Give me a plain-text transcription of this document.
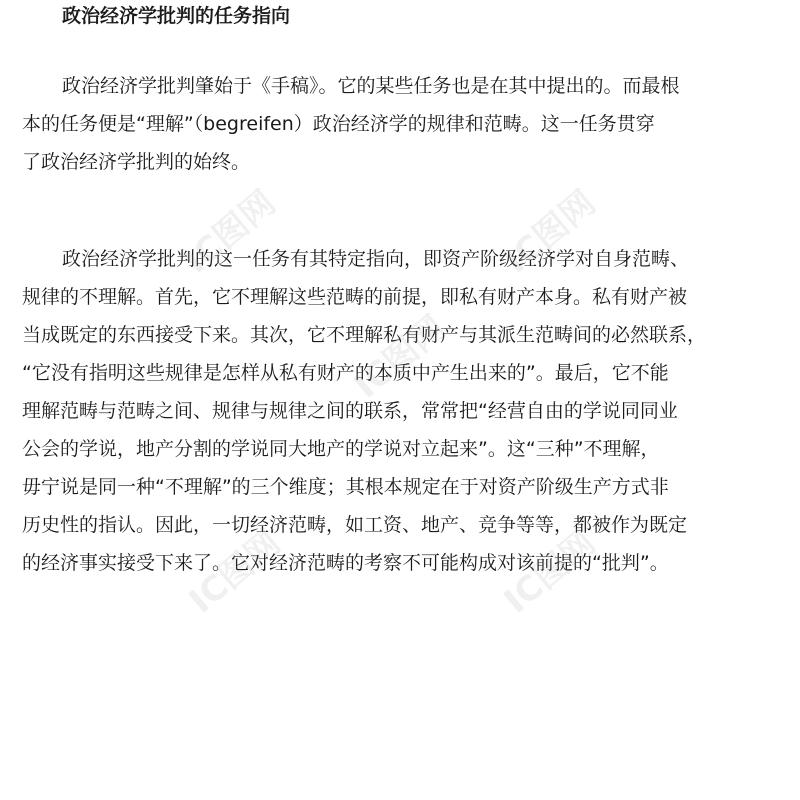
政治经济学批判的任务指向
政治经济学批判肇始于《手稿》。它的某些任务也是在其中提出的。而最根
本的任务便是“理解”（begreifen）政治经济学的规律和范畴。这一任务贯穿
了政治经济学批判的始终。
政治经济学批判的这一任务有其特定指向，即资产阶级经济学对自身范畴、
规律的不理解。首先，它不理解这些范畴的前提，即私有财产本身。私有财产被
当成既定的东西接受下来。其次，它不理解私有财产与其派生范畴间的必然联系，
“它没有指明这些规律是怎样从私有财产的本质中产生出来的”。最后，它不能
理解范畴与范畴之间、规律与规律之间的联系，常常把“经营自由的学说同同业
公会的学说，地产分割的学说同大地产的学说对立起来”。这“三种”不理解，
毋宁说是同一种“不理解”的三个维度；其根本规定在于对资产阶级生产方式非
历史性的指认。因此，一切经济范畴，如工资、地产、竞争等等，都被作为既定
的经济事实接受下来了。它对经济范畴的考察不可能构成对该前提的“批判”。
IC图网	IC图网
IC图网
IC图网	IC图网
